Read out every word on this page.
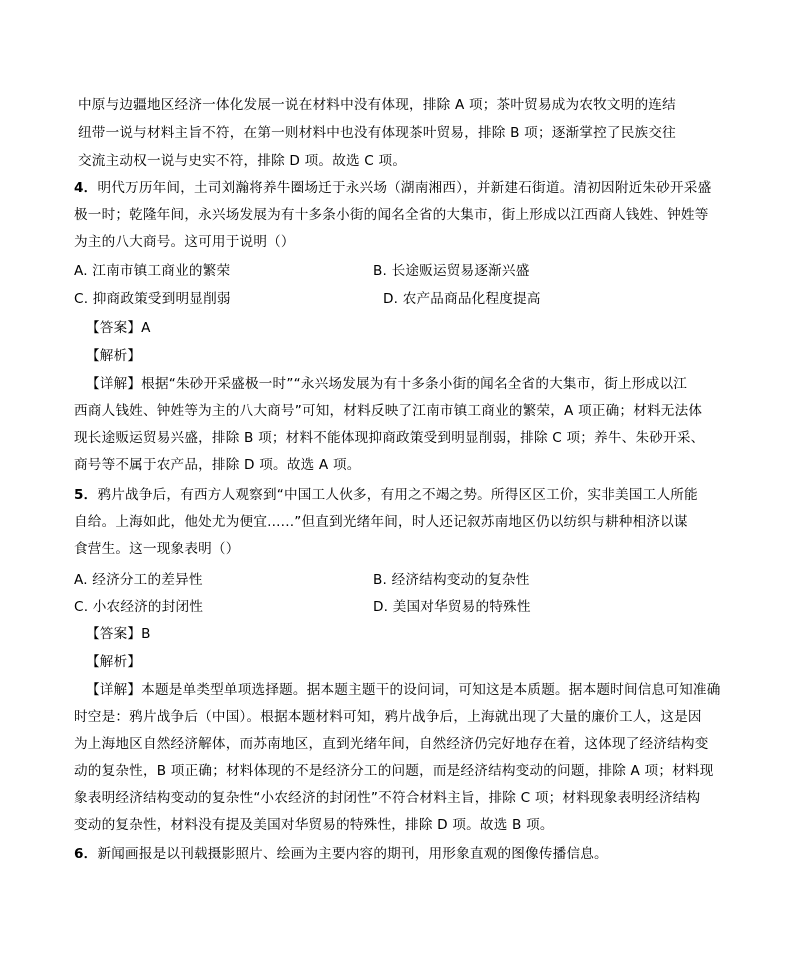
中原与边疆地区经济一体化发展一说在材料中没有体现，排除 A 项；茶叶贸易成为农牧文明的连结
纽带一说与材料主旨不符，在第一则材料中也没有体现茶叶贸易，排除 B 项；逐渐掌控了民族交往
交流主动权一说与史实不符，排除 D 项。故选 C 项。
4．明代万历年间，土司刘瀚将养牛圈场迁于永兴场（湖南湘西），并新建石街道。清初因附近朱砂开采盛
极一时；乾隆年间，永兴场发展为有十多条小街的闻名全省的大集市，街上形成以江西商人钱姓、钟姓等
为主的八大商号。这可用于说明（）
A. 江南市镇工商业的繁荣	B. 长途贩运贸易逐渐兴盛
C. 抑商政策受到明显削弱	D. 农产品商品化程度提高
【答案】A
【解析】
【详解】根据“朱砂开采盛极一时”“永兴场发展为有十多条小街的闻名全省的大集市，街上形成以江
西商人钱姓、钟姓等为主的八大商号”可知，材料反映了江南市镇工商业的繁荣，A 项正确；材料无法体
现长途贩运贸易兴盛，排除 B 项；材料不能体现抑商政策受到明显削弱，排除 C 项；养牛、朱砂开采、
商号等不属于农产品，排除 D 项。故选 A 项。
5．鸦片战争后，有西方人观察到“中国工人伙多，有用之不竭之势。所得区区工价，实非美国工人所能
自给。上海如此，他处尤为便宜......”但直到光绪年间，时人还记叙苏南地区仍以纺织与耕种相济以谋
食营生。这一现象表明（）
A. 经济分工的差异性	B. 经济结构变动的复杂性
C. 小农经济的封闭性	D. 美国对华贸易的特殊性
【答案】B
【解析】
【详解】本题是单类型单项选择题。据本题主题干的设问词，可知这是本质题。据本题时间信息可知准确
时空是：鸦片战争后（中国）。根据本题材料可知，鸦片战争后，上海就出现了大量的廉价工人，这是因
为上海地区自然经济解体，而苏南地区，直到光绪年间，自然经济仍完好地存在着，这体现了经济结构变
动的复杂性，B 项正确；材料体现的不是经济分工的问题，而是经济结构变动的问题，排除 A 项；材料现
象表明经济结构变动的复杂性“小农经济的封闭性”不符合材料主旨，排除 C 项；材料现象表明经济结构
变动的复杂性，材料没有提及美国对华贸易的特殊性，排除 D 项。故选 B 项。
6．新闻画报是以刊载摄影照片、绘画为主要内容的期刊，用形象直观的图像传播信息。
